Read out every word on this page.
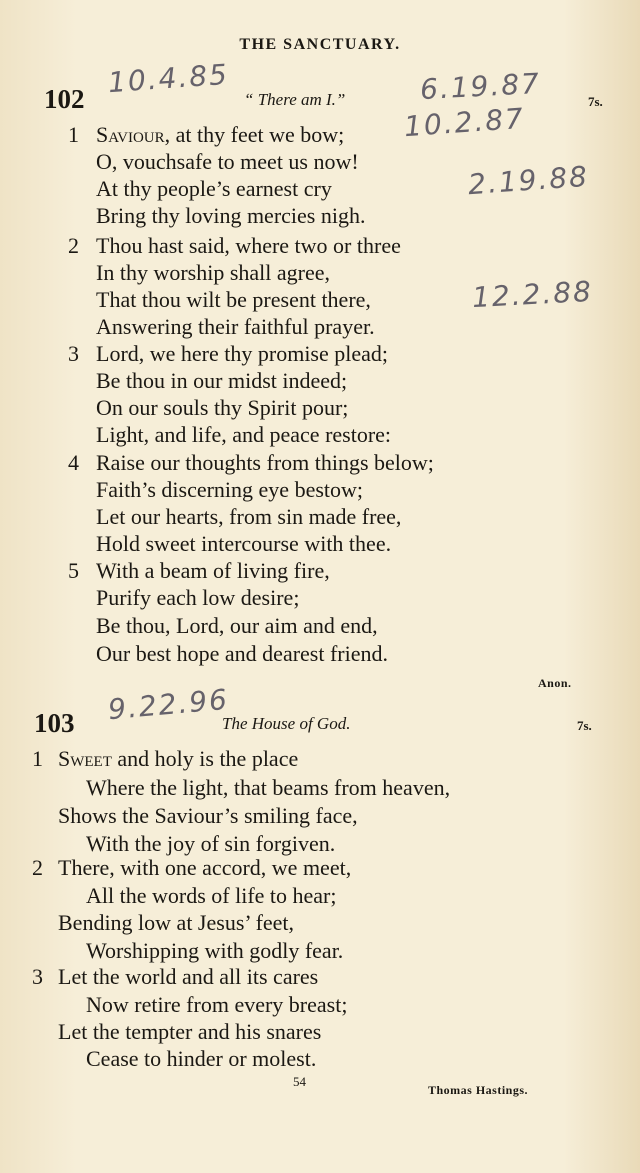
THE SANCTUARY.
102	“ There am I.”	7s.
1 Saviour, at thy feet we bow;
O, vouchsafe to meet us now!
At thy people’s earnest cry
Bring thy loving mercies nigh.
2 Thou hast said, where two or three
In thy worship shall agree,
That thou wilt be present there,
Answering their faithful prayer.
3 Lord, we here thy promise plead;
Be thou in our midst indeed;
On our souls thy Spirit pour;
Light, and life, and peace restore:
4 Raise our thoughts from things below;
Faith’s discerning eye bestow;
Let our hearts, from sin made free,
Hold sweet intercourse with thee.
5 With a beam of living fire,
Purify each low desire;
Be thou, Lord, our aim and end,
Our best hope and dearest friend.
Anon.
103	The House of God.	7s.
1 Sweet and holy is the place
Where the light, that beams from heaven,
Shows the Saviour’s smiling face,
With the joy of sin forgiven.
2 There, with one accord, we meet,
All the words of life to hear;
Bending low at Jesus’ feet,
Worshipping with godly fear.
3 Let the world and all its cares
Now retire from every breast;
Let the tempter and his snares
Cease to hinder or molest.
54
Thomas Hastings.
10.4.85	6.19.87
10.2.87
2.19.88
12.2.88
9.22.96
